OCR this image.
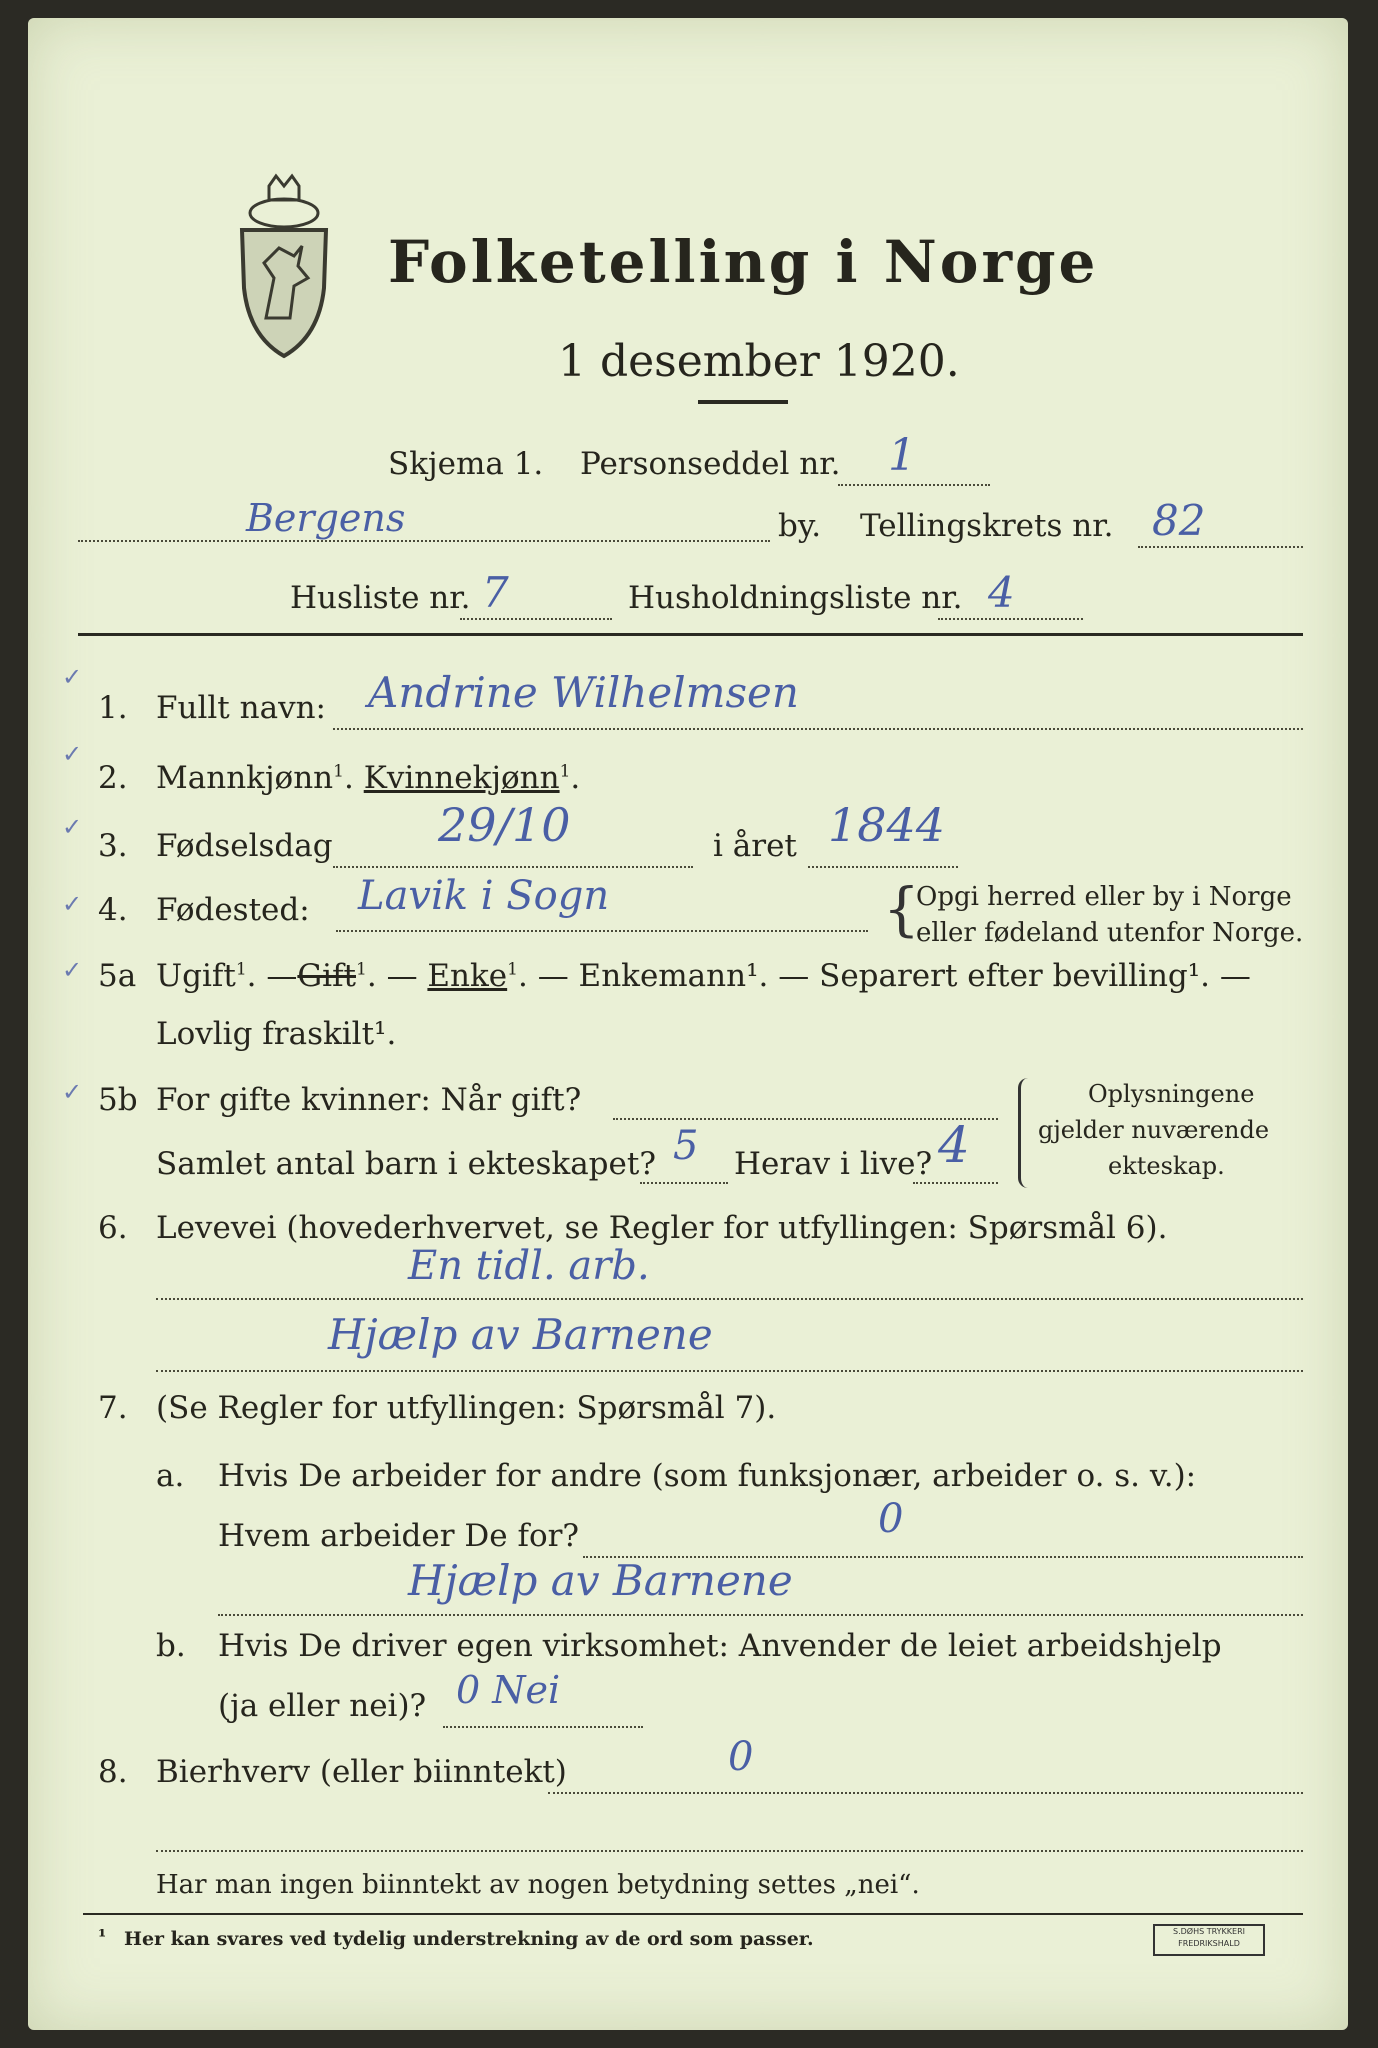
Folketelling i Norge
1 desember 1920.
Skjema 1. Personseddel nr. 1
Bergens	by. Tellingskrets nr. 82
Husliste nr. 7	Husholdningsliste nr. 4
✓
1. Fullt navn: Andrine Wilhelmsen
✓
2. Mannkjønn$^1$. Kvinnekjønn$^1$.
✓
3. Fødselsdag 29/10	i året 1844
✓ 4. Fødested: Lavik i Sogn	{
Opgi herred eller by i Norge
eller fødeland utenfor Norge.
✓ 5a Ugift$^1$. —Gift$^1$. — Enke$^1$. — Enkemann¹. — Separert efter bevilling¹. —
Lovlig fraskilt¹.
✓ 5b For gifte kvinner: Når gift?
Samlet antal barn i ekteskapet? 5 Herav i live? 4
Oplysningene
gjelder nuværende
ekteskap.
6. Levevei (hovederhvervet, se Regler for utfyllingen: Spørsmål 6).
En tidl. arb.
Hjælp av Barnene
7. (Se Regler for utfyllingen: Spørsmål 7).
a. Hvis De arbeider for andre (som funksjonær, arbeider o. s. v.):
Hvem arbeider De for?	0
Hjælp av Barnene
b. Hvis De driver egen virksomhet: Anvender de leiet arbeidshjelp
(ja eller nei)? 0 Nei
8. Bierhverv (eller biinntekt)	0
Har man ingen biinntekt av nogen betydning settes „nei“.
¹ Her kan svares ved tydelig understrekning av de ord som passer.	S.DØHS TRYKKERI FREDRIKSHALD
